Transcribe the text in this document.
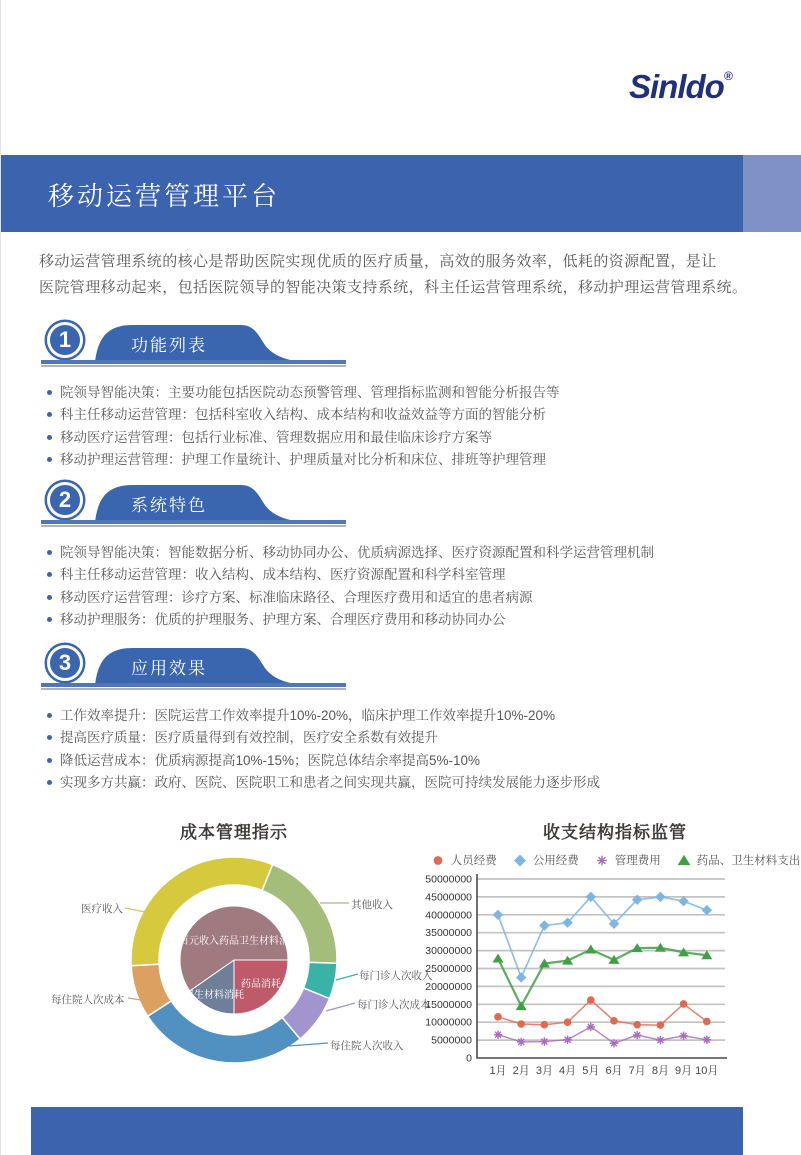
Sinldo®
移动运营管理平台
移动运营管理系统的核心是帮助医院实现优质的医疗质量，高效的服务效率，低耗的资源配置，是让
医院管理移动起来，包括医院领导的智能决策支持系统，科主任运营管理系统，移动护理运营管理系统。
1	功能列表
院领导智能决策：主要功能包括医院动态预警管理、管理指标监测和智能分析报告等
科主任移动运营管理：包括科室收入结构、成本结构和收益效益等方面的智能分析
移动医疗运营管理：包括行业标准、管理数据应用和最佳临床诊疗方案等
移动护理运营管理：护理工作量统计、护理质量对比分析和床位、排班等护理管理
2	系统特色
院领导智能决策：智能数据分析、移动协同办公、优质病源选择、医疗资源配置和科学运营管理机制
科主任移动运营管理：收入结构、成本结构、医疗资源配置和科学科室管理
移动医疗运营管理：诊疗方案、标准临床路径、合理医疗费用和适宜的患者病源
移动护理服务：优质的护理服务、护理方案、合理医疗费用和移动协同办公
3	应用效果
工作效率提升：医院运营工作效率提升10%-20%，临床护理工作效率提升10%-20%
提高医疗质量：医疗质量得到有效控制，医疗安全系数有效提升
降低运营成本：优质病源提高10%-15%；医院总体结余率提高5%-10%
实现多方共赢：政府、医院、医院职工和患者之间实现共赢，医院可持续发展能力逐步形成
成本管理指示
医疗收入	其他收入
每门诊人次收入
每门诊人次成本
每住院人次收入
每住院人次成本
百元收入药品卫生材料消耗
药品消耗
卫生材料消耗
0
5000000
10000000
15000000
20000000
25000000
30000000
35000000
40000000
45000000
50000000
1月 2月 3月 4月 5月 6月 7月 8月 9月 10月
收支结构指标监管
人员经费	公用经费	管理费用	药品、卫生材料支出
